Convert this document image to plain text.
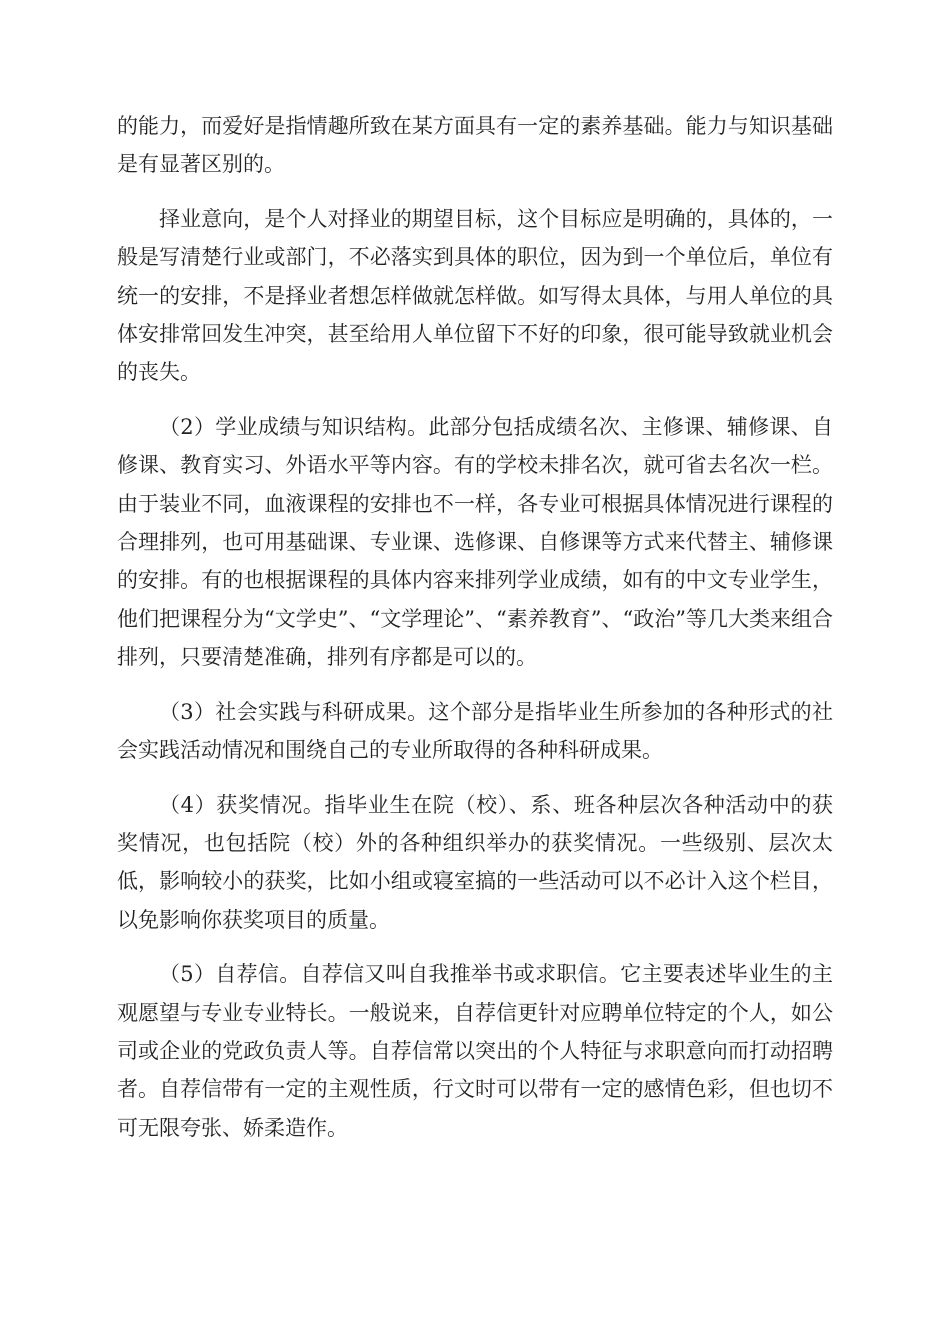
的能力，而爱好是指情趣所致在某方面具有一定的素养基础。能力与知识基础是有显著区别的。

择业意向，是个人对择业的期望目标，这个目标应是明确的，具体的，一般是写清楚行业或部门，不必落实到具体的职位，因为到一个单位后，单位有统一的安排，不是择业者想怎样做就怎样做。如写得太具体，与用人单位的具体安排常回发生冲突，甚至给用人单位留下不好的印象，很可能导致就业机会的丧失。

（2）学业成绩与知识结构。此部分包括成绩名次、主修课、辅修课、自修课、教育实习、外语水平等内容。有的学校未排名次，就可省去名次一栏。由于装业不同，血液课程的安排也不一样，各专业可根据具体情况进行课程的合理排列，也可用基础课、专业课、选修课、自修课等方式来代替主、辅修课的安排。有的也根据课程的具体内容来排列学业成绩，如有的中文专业学生，他们把课程分为“文学史”、“文学理论”、“素养教育”、“政治”等几大类来组合排列，只要清楚准确，排列有序都是可以的。

（3）社会实践与科研成果。这个部分是指毕业生所参加的各种形式的社会实践活动情况和围绕自己的专业所取得的各种科研成果。

（4）获奖情况。指毕业生在院（校）、系、班各种层次各种活动中的获奖情况，也包括院（校）外的各种组织举办的获奖情况。一些级别、层次太低，影响较小的获奖，比如小组或寝室搞的一些活动可以不必计入这个栏目，以免影响你获奖项目的质量。

（5）自荐信。自荐信又叫自我推举书或求职信。它主要表述毕业生的主观愿望与专业专业特长。一般说来，自荐信更针对应聘单位特定的个人，如公司或企业的党政负责人等。自荐信常以突出的个人特征与求职意向而打动招聘者。自荐信带有一定的主观性质，行文时可以带有一定的感情色彩，但也切不可无限夸张、娇柔造作。
